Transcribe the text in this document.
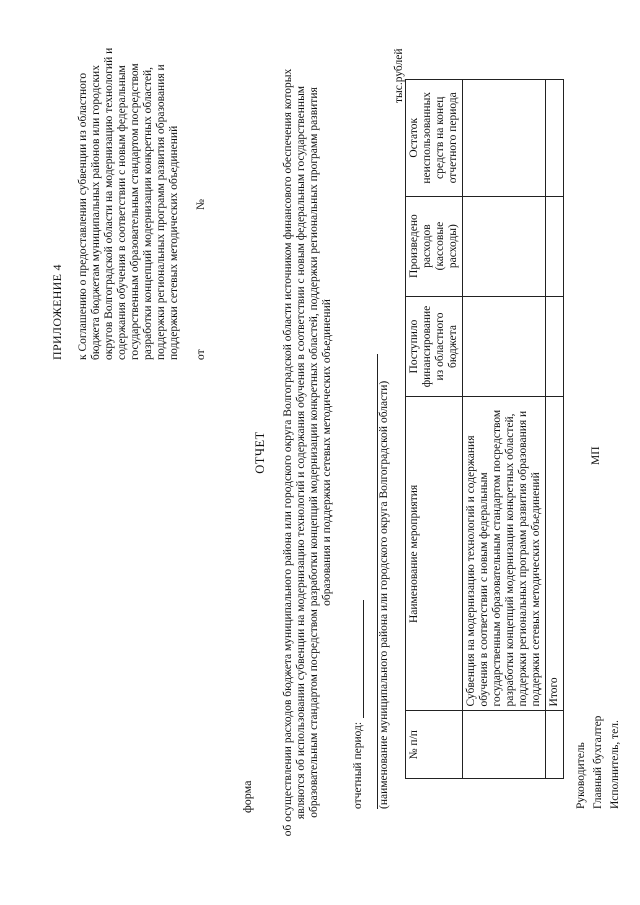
ПРИЛОЖЕНИЕ 4 к Соглашению о предоставлении субвенции из областного бюджета бюджетам муниципальных районов или городских округов Волгоградской области на модернизацию технологий и содержания обучения в соответствии с новым федеральным государственным образовательным стандартом посредством разработки концепций модернизации конкретных областей, поддержки региональных программ развития образования и поддержки сетевых методических объединений от
№
форма
ОТЧЕТ об осуществлении расходов бюджета муниципального района или городского округа Волгоградской области источником финансового обеспечения которых являются об использовании субвенции на модернизацию технологий и содержания обучения в соответствии с новым федеральным государственным образовательным стандартом посредством разработки концепций модернизации конкретных областей, поддержки региональных программ развития образования и поддержки сетевых методических объединений
отчетный период: (наименование муниципального района или городского округа Волгоградской области)
тыс.рублей
№ п/п	Наименование мероприятия	Поступило финансирование из областного бюджета	Произведено расходов (кассовые расходы)	Остаток неиспользованных средств на конец отчетного периода
	Субвенция на модернизацию технологий и содержания обучения в соответствии с новым федеральным государственным образовательным стандартом посредством разработки концепций модернизации конкретных областей, поддержки региональных программ развития образования и поддержки сетевых методических объединений			
	Итого			
Руководитель Главный бухгалтер Исполнитель, тел.
МП
